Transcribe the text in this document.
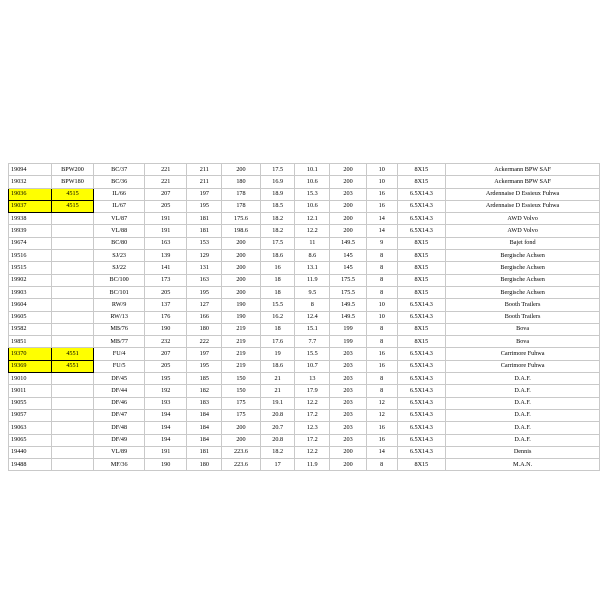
19094	BPW200	BC/37	221	211	200	17.5	10.1	200	10	8X15	Ackermann BPW SAF
19032	BPW180	BC/36	221	211	180	16.9	10.6	200	10	8X15	Ackermann BPW SAF
19036	4515	IL/66	207	197	178	18.9	15.3	203	16	6.5X14.3	Ardennaise D Essieux Fuhwa
19037	4515	IL/67	205	195	178	18.5	10.6	200	16	6.5X14.3	Ardennaise D Essieux Fuhwa
19938		VL/87	191	181	175.6	18.2	12.1	200	14	6.5X14.3	AWD Volvo
19939		VL/88	191	181	198.6	18.2	12.2	200	14	6.5X14.3	AWD Volvo
19674		BC/80	163	153	200	17.5	11	149.5	9	8X15	Bajet fond
19516		SJ/23	139	129	200	18.6	8.6	145	8	8X15	Bergische Achsen
19515		SJ/22	141	131	200	16	13.1	145	8	8X15	Bergische Achsen
19902		BC/100	173	163	200	18	11.9	175.5	8	8X15	Bergische Achsen
19903		BC/101	205	195	200	18	9.5	175.5	8	8X15	Bergische Achsen
19604		RW/9	137	127	190	15.5	8	149.5	10	6.5X14.3	Booth Trailers
19605		RW/13	176	166	190	16.2	12.4	149.5	10	6.5X14.3	Booth Trailers
19582		MB/76	190	180	219	18	15.1	199	8	8X15	Bova
19851		MB/77	232	222	219	17.6	7.7	199	8	8X15	Bova
19370	4551	FU/4	207	197	219	19	15.5	203	16	6.5X14.3	Carrimore Fuhwa
19369	4551	FU/5	205	195	219	18.6	10.7	203	16	6.5X14.3	Carrimore Fuhwa
19010		DF/45	195	185	150	21	13	203	8	6.5X14.3	D.A.F.
19011		DF/44	192	182	150	21	17.9	203	8	6.5X14.3	D.A.F.
19055		DF/46	193	183	175	19.1	12.2	203	12	6.5X14.3	D.A.F.
19057		DF/47	194	184	175	20.8	17.2	203	12	6.5X14.3	D.A.F.
19063		DF/48	194	184	200	20.7	12.3	203	16	6.5X14.3	D.A.F.
19065		DF/49	194	184	200	20.8	17.2	203	16	6.5X14.3	D.A.F.
19440		VL/89	191	181	223.6	18.2	12.2	200	14	6.5X14.3	Dennis
19488		MF/36	190	180	223.6	17	11.9	200	8	8X15	M.A.N.
